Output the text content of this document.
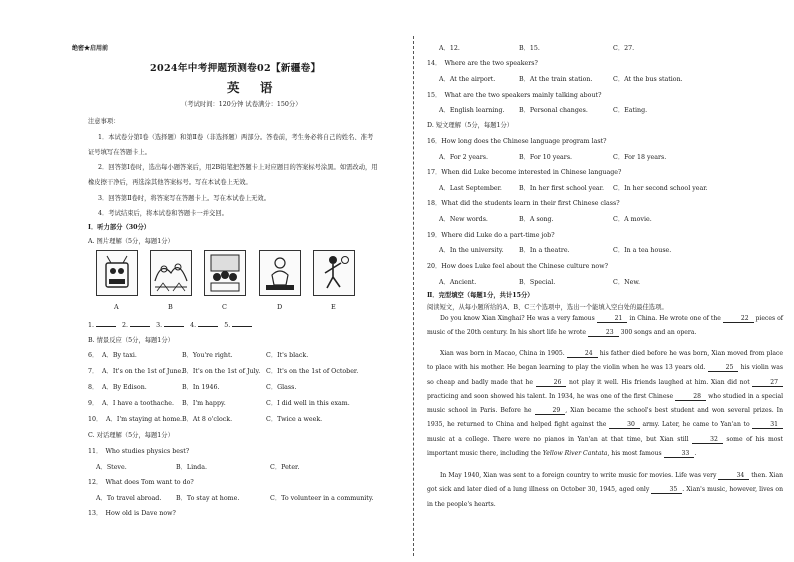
绝密★启用前
2024年中考押题预测卷02【新疆卷】
英 语
（考试时间：120分钟 试卷满分：150分）
注意事项：
1．本试卷分第Ⅰ卷（选择题）和第Ⅱ卷（非选择题）两部分。答卷前，考生务必将自己的姓名、准考
证号填写在答题卡上。
2．回答第Ⅰ卷时，选出每小题答案后，用2B铅笔把答题卡上对应题目的答案标号涂黑。如需改动，用
橡皮擦干净后，再选涂其他答案标号。写在本试卷上无效。
3．回答第Ⅱ卷时，将答案写在答题卡上。写在本试卷上无效。
4．考试结束后，将本试卷和答题卡一并交回。
Ⅰ．听力部分（30分）
A. 图片理解（5分，每题1分）
A	B	C	D	E
1.	2.	3.	4.	5.
B. 情景反应（5分，每题1分）
6． A．By taxi.	B．You're right.	C．It's black.
7． A．It's on the 1st of June.
B．It's on the 1st of July. C．It's on the 1st of October.
8． A．By Edison.	B．In 1946.	C．Glass.
9． A．I have a toothache. B．I'm happy.	C．I did well in this exam.
10． A．I'm staying at home. B．At 8 o'clock.	C．Twice a week.
C. 对话理解（5分，每题1分）
11．　Who studies physics best?
A．Steve.	B．Linda.	C．Peter.
12．　What does Tom want to do?
A．To travel abroad. B．To stay at home.	C．To volunteer in a community.
13．　How old is Dave now?
A．12.	B．15.	C．27.
14．　Where are the two speakers?
A．At the airport.	B．At the train station.	C．At the bus station.
15．　What are the two speakers mainly talking about?
A．English learning. B．Personal changes.	C．Eating.
D. 短文理解（5分，每题1分）
16．How long does the Chinese language program last?
A．For 2 years.	B．For 10 years.	C．For 18 years.
17．When did Luke become interested in Chinese language?
A．Last September.	B．In her first school year. C．In her second school year.
18．What did the students learn in their first Chinese class?
A．New words.	B．A song.	C．A movie.
19．Where did Luke do a part-time job?
A．In the university. B．In a theatre.	C．In a tea house.
20．How does Luke feel about the Chinese culture now?
A．Ancient.	B．Special.	C．New.
Ⅱ．完型填空（每题1分，共计15分）
阅读短文，从每小题所给的A、B、C三个选项中，选出一个能填入空白处的最佳选项。
Do you know Xian Xinghai? He was a very famous	21 in China. He wrote one of the	22 pieces of music of the 20th century. In his short life he wrote	23 300 songs and an opera.
Xian was born in Macao, China in 1905.	24 his father died before he was born, Xian moved from place to place with his mother. He began learning to play the violin when he was 13 years old.	25 his violin was so cheap and badly made that he	26 not play it well. His friends laughed at him. Xian did not	27 practicing and soon showed his talent. In 1934, he was one of the first Chinese	28 who studied in a special music school in Paris. Before he	29 , Xian became the school's best student and won several prizes. In 1935, he returned to China and helped fight against the	30 army. Later, he came to Yan'an to	31 music at a college. There were no pianos in Yan'an at that time, but Xian still	32 some of his most important music there, including the Yellow River Cantata, his most famous	33 .
In May 1940, Xian was sent to a foreign country to write music for movies. Life was very	34 then. Xian got sick and later died of a lung illness on October 30, 1945, aged only	35 . Xian's music, however, lives on in the people's hearts.
